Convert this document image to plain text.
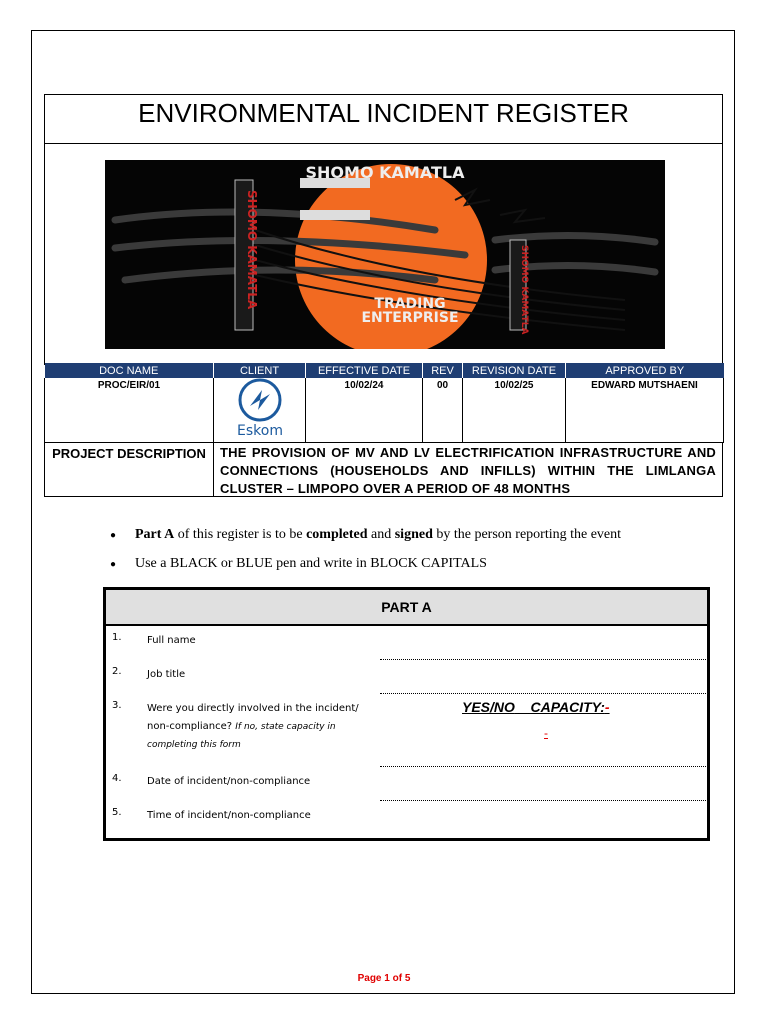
ENVIRONMENTAL INCIDENT REGISTER
SHOMO KAMATLA
TRADING
ENTERPRISE
SHOMO KAMATLA	SHOMO KAMATLA
DOC NAME	CLIENT	EFFECTIVE DATE	REV	REVISION DATE	APPROVED BY
PROC/EIR/01	Eskom	10/02/24	00	10/02/25	EDWARD MUTSHAENI
PROJECT DESCRIPTION	THE PROVISION OF MV AND LV ELECTRIFICATION INFRASTRUCTURE AND CONNECTIONS (HOUSEHOLDS AND INFILLS) WITHIN THE LIMLANGA CLUSTER – LIMPOPO OVER A PERIOD OF 48 MONTHS
●	Part A of this register is to be completed and signed by the person reporting the event
●	Use a BLACK or BLUE pen and write in BLOCK CAPITALS
PART A
1.	Full name
2.	Job title
3.	Were you directly involved in the incident/ non-compliance? If no, state capacity in completing this form
YES/NO CAPACITY:-
-
4.	Date of incident/non-compliance
5.	Time of incident/non-compliance
Page 1 of 5
